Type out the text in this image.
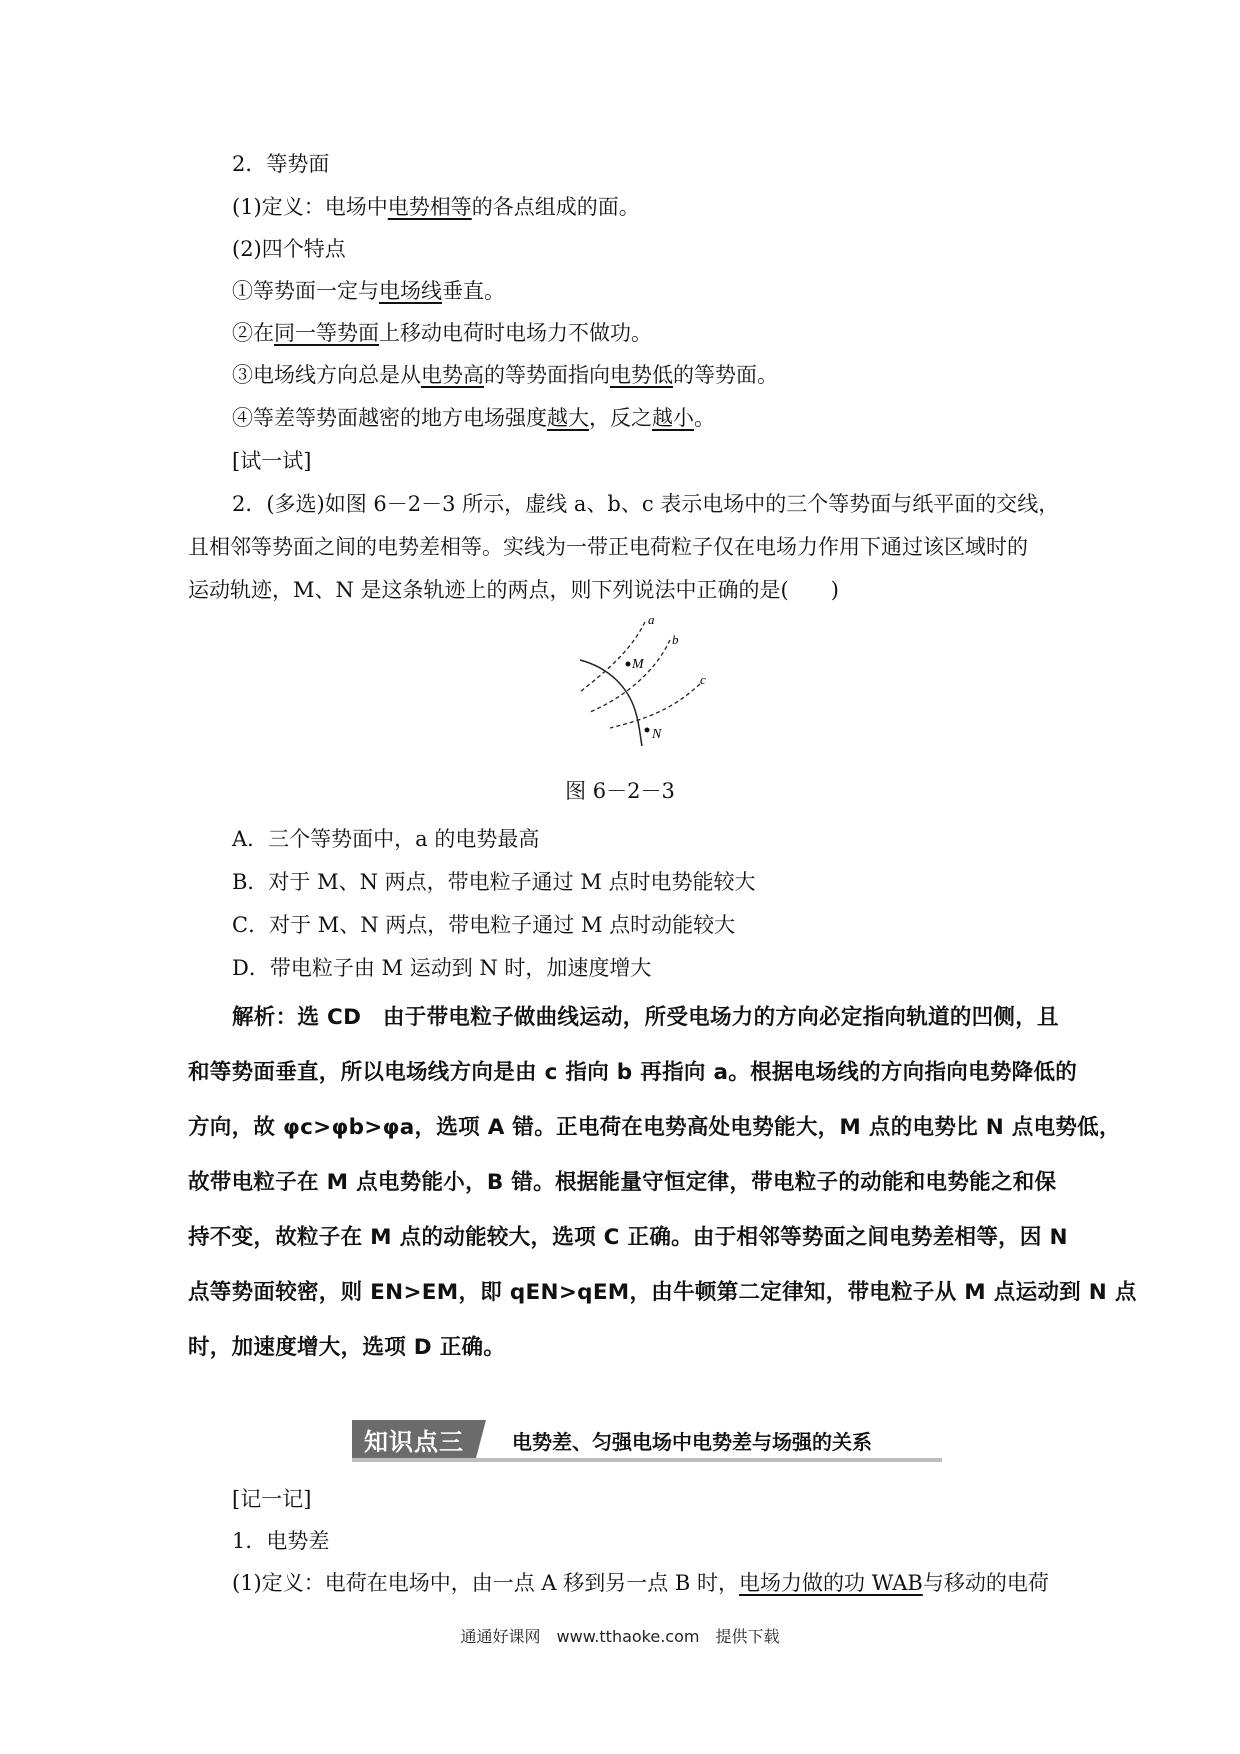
2．等势面
(1)定义：电场中电势相等的各点组成的面。
(2)四个特点
①等势面一定与电场线垂直。
②在同一等势面上移动电荷时电场力不做功。
③电场线方向总是从电势高的等势面指向电势低的等势面。
④等差等势面越密的地方电场强度越大，反之越小。
[试一试]
2．(多选)如图 6－2－3 所示，虚线 a、b、c 表示电场中的三个等势面与纸平面的交线，
且相邻等势面之间的电势差相等。实线为一带正电荷粒子仅在电场力作用下通过该区域时的
运动轨迹，M、N 是这条轨迹上的两点，则下列说法中正确的是(　　)
a
b
c
M
N
图 6－2－3
A．三个等势面中，a 的电势最高
B．对于 M、N 两点，带电粒子通过 M 点时电势能较大
C．对于 M、N 两点，带电粒子通过 M 点时动能较大
D．带电粒子由 M 运动到 N 时，加速度增大
解析：选 CD　由于带电粒子做曲线运动，所受电场力的方向必定指向轨道的凹侧，且
和等势面垂直，所以电场线方向是由 c 指向 b 再指向 a。根据电场线的方向指向电势降低的
方向，故 φc>φb>φa，选项 A 错。正电荷在电势高处电势能大，M 点的电势比 N 点电势低，
故带电粒子在 M 点电势能小，B 错。根据能量守恒定律，带电粒子的动能和电势能之和保
持不变，故粒子在 M 点的动能较大，选项 C 正确。由于相邻等势面之间电势差相等，因 N
点等势面较密，则 EN>EM，即 qEN>qEM，由牛顿第二定律知，带电粒子从 M 点运动到 N 点
时，加速度增大，选项 D 正确。
知识点三	电势差、匀强电场中电势差与场强的关系
[记一记]
1．电势差
(1)定义：电荷在电场中，由一点 A 移到另一点 B 时，电场力做的功 WAB与移动的电荷
通通好课网　www.tthaoke.com　提供下载
